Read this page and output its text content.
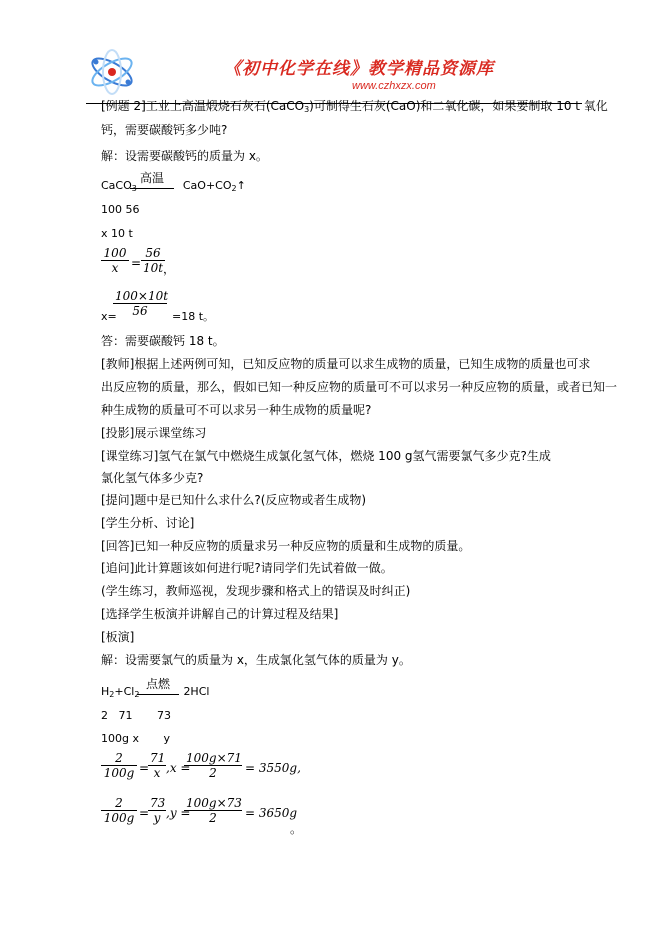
《初中化学在线》教学精品资源库
www.czhxzx.com
[例题 2]工业上高温煅烧石灰石(CaCO$_3$)可制得生石灰(CaO)和二氧化碳，如果要制取 10 t 氧化
钙，需要碳酸钙多少吨?
解：设需要碳酸钙的质量为 x。
CaCO$_3$	$CaO+CO_2↑$
高温
100 56
x 10 t
$\frac{100}{x} = \frac{56}{10t}$
，
x=
$\frac{100\times 10t}{56} =18$ t。
答：需要碳酸钙 18 t。
[教师]根据上述两例可知，已知反应物的质量可以求生成物的质量，已知生成物的质量也可求
出反应物的质量，那么，假如已知一种反应物的质量可不可以求另一种反应物的质量，或者已知一
种生成物的质量可不可以求另一种生成物的质量呢?
[投影]展示课堂练习
[课堂练习]氢气在氯气中燃烧生成氯化氢气体，燃烧 100 g氢气需要氯气多少克?生成
氯化氢气体多少克?
[提问]题中是已知什么求什么?(反应物或者生成物)
[学生分析、讨论]
[回答]已知一种反应物的质量求另一种反应物的质量和生成物的质量。
[追问]此计算题该如何进行呢?请同学们先试着做一做。
(学生练习，教师巡视，发现步骤和格式上的错误及时纠正)
[选择学生板演并讲解自己的计算过程及结果]
[板演]
解：设需要氯气的质量为 x，生成氯化氢气体的质量为 y。
$H_2+Cl_2$	2HCl
点燃
2   71       73
100g x       y
$\frac{2}{100g}$ =
$\frac{71}{x} ,x$ =
$\frac{100g\times 71}{2} = 3550g$,
$\frac{2}{100g}$ =
$\frac{73}{y} ,y$ =
$\frac{100g\times 73}{2} = 3650g$
。
